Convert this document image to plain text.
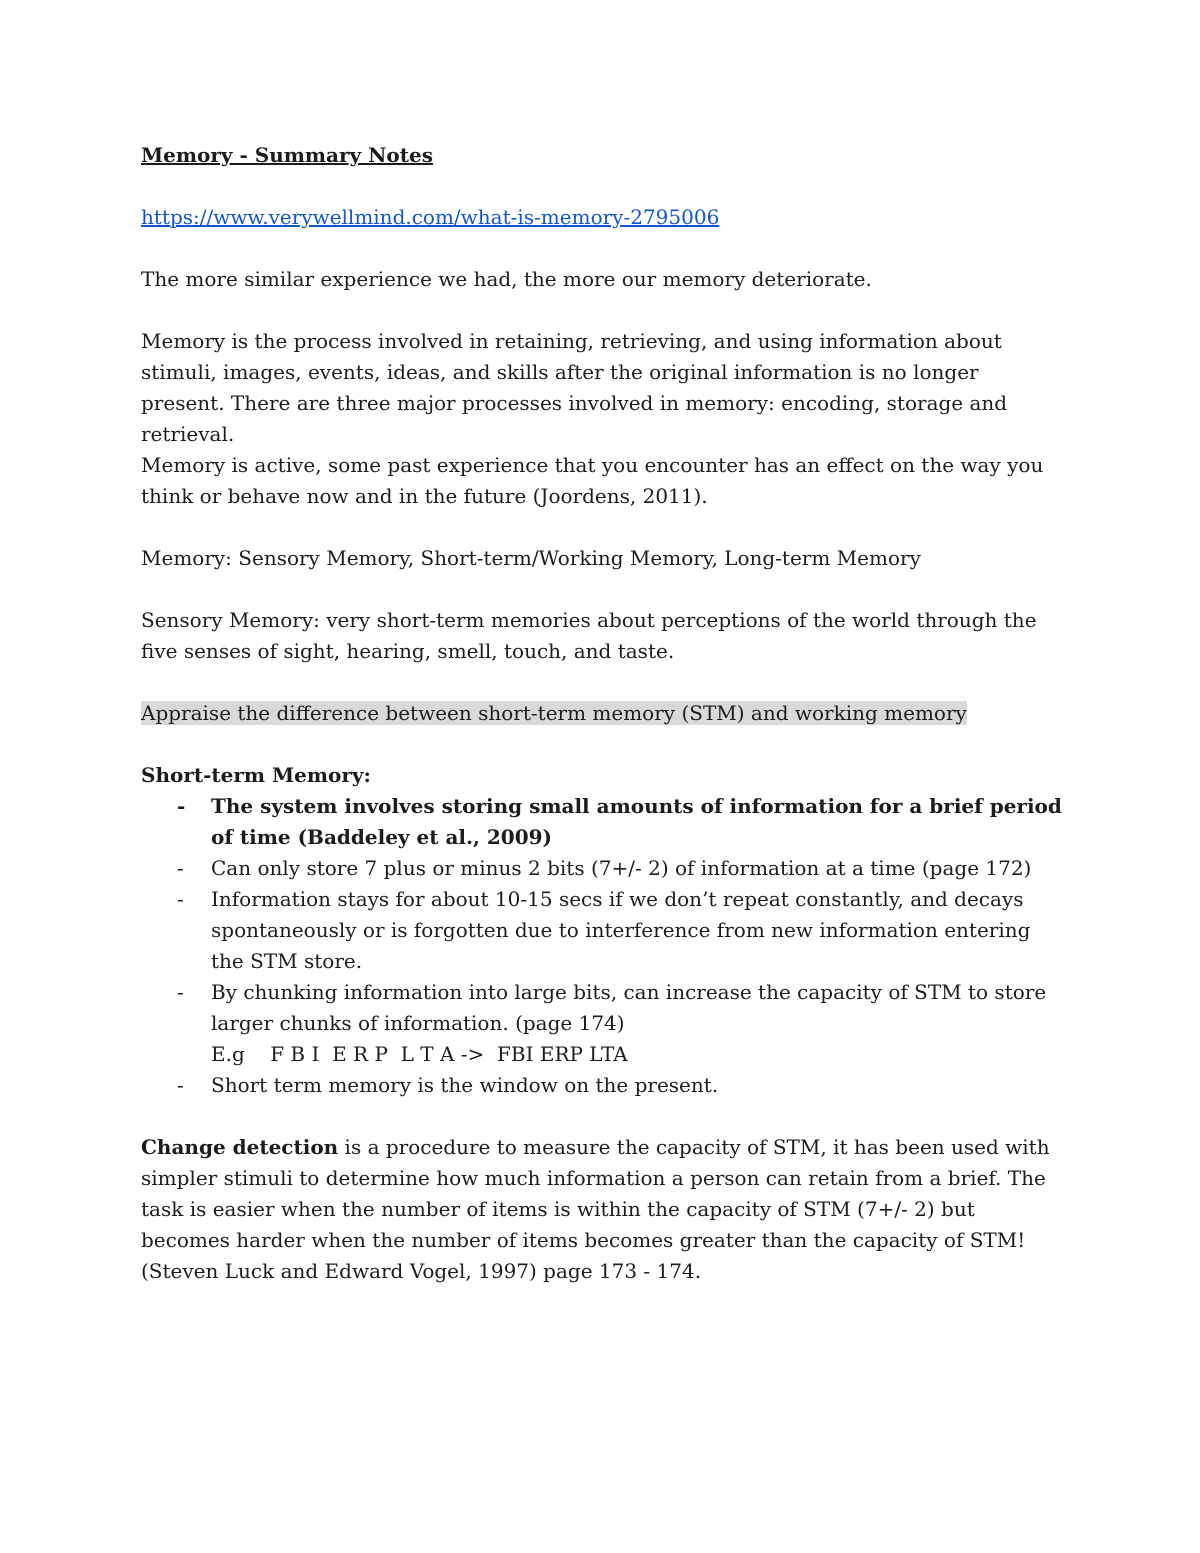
Memory - Summary Notes

https://www.verywellmind.com/what-is-memory-2795006

The more similar experience we had, the more our memory deteriorate.

Memory is the process involved in retaining, retrieving, and using information about stimuli, images, events, ideas, and skills after the original information is no longer present. There are three major processes involved in memory: encoding, storage and retrieval.

Memory is active, some past experience that you encounter has an effect on the way you think or behave now and in the future (Joordens, 2011).

Memory: Sensory Memory, Short-term/Working Memory, Long-term Memory

Sensory Memory: very short-term memories about perceptions of the world through the five senses of sight, hearing, smell, touch, and taste.

Appraise the difference between short-term memory (STM) and working memory

Short-term Memory:

- The system involves storing small amounts of information for a brief period of time (Baddeley et al., 2009)
- Can only store 7 plus or minus 2 bits (7+/- 2) of information at a time (page 172)
- Information stays for about 10-15 secs if we don’t repeat constantly, and decays spontaneously or is forgotten due to interference from new information entering the STM store.
- By chunking information into large bits, can increase the capacity of STM to store larger chunks of information. (page 174)
E.g    F B I  E R P  L T A ->  FBI ERP LTA
- Short term memory is the window on the present.

Change detection is a procedure to measure the capacity of STM, it has been used with simpler stimuli to determine how much information a person can retain from a brief. The task is easier when the number of items is within the capacity of STM (7+/- 2) but becomes harder when the number of items becomes greater than the capacity of STM! (Steven Luck and Edward Vogel, 1997) page 173 - 174.
